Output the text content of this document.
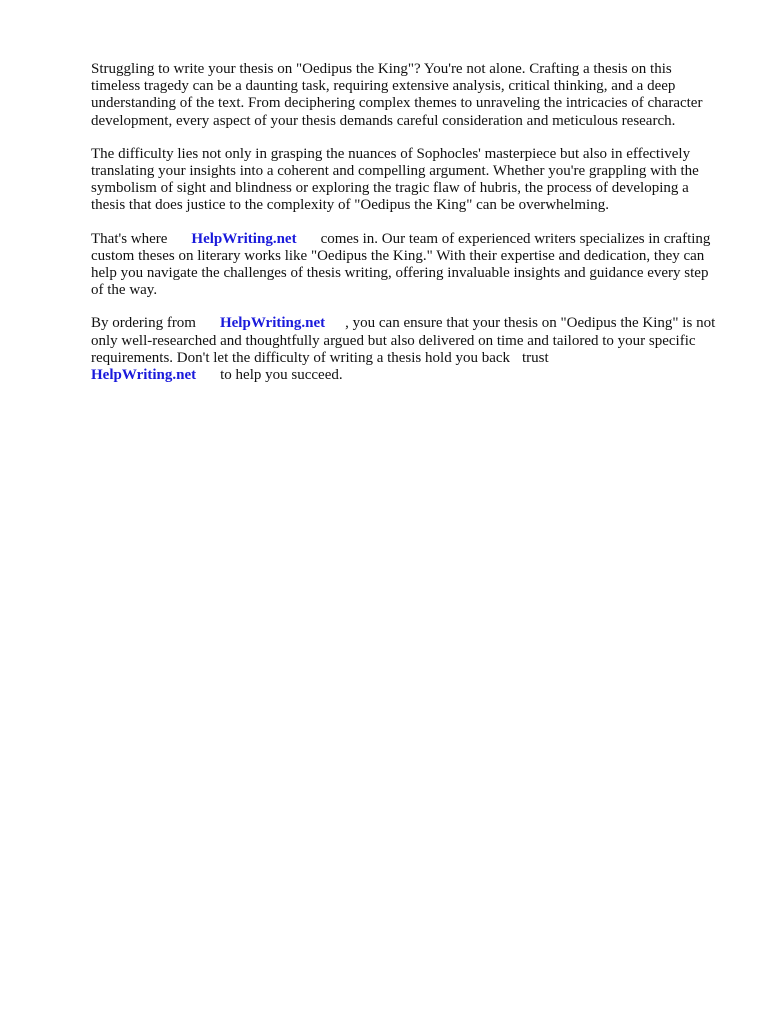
Struggling to write your thesis on "Oedipus the King"? You're not alone. Crafting a thesis on this timeless tragedy can be a daunting task, requiring extensive analysis, critical thinking, and a deep understanding of the text. From deciphering complex themes to unraveling the intricacies of character development, every aspect of your thesis demands careful consideration and meticulous research.

The difficulty lies not only in grasping the nuances of Sophocles' masterpiece but also in effectively translating your insights into a coherent and compelling argument. Whether you're grappling with the symbolism of sight and blindness or exploring the tragic flaw of hubris, the process of developing a thesis that does justice to the complexity of "Oedipus the King" can be overwhelming.

That's where HelpWriting.net comes in. Our team of experienced writers specializes in crafting custom theses on literary works like "Oedipus the King." With their expertise and dedication, they can help you navigate the challenges of thesis writing, offering invaluable insights and guidance every step of the way.

By ordering from HelpWriting.net , you can ensure that your thesis on "Oedipus the King" is not only well-researched and thoughtfully argued but also delivered on time and tailored to your specific requirements. Don't let the difficulty of writing a thesis hold you back trust
HelpWriting.net to help you succeed.
